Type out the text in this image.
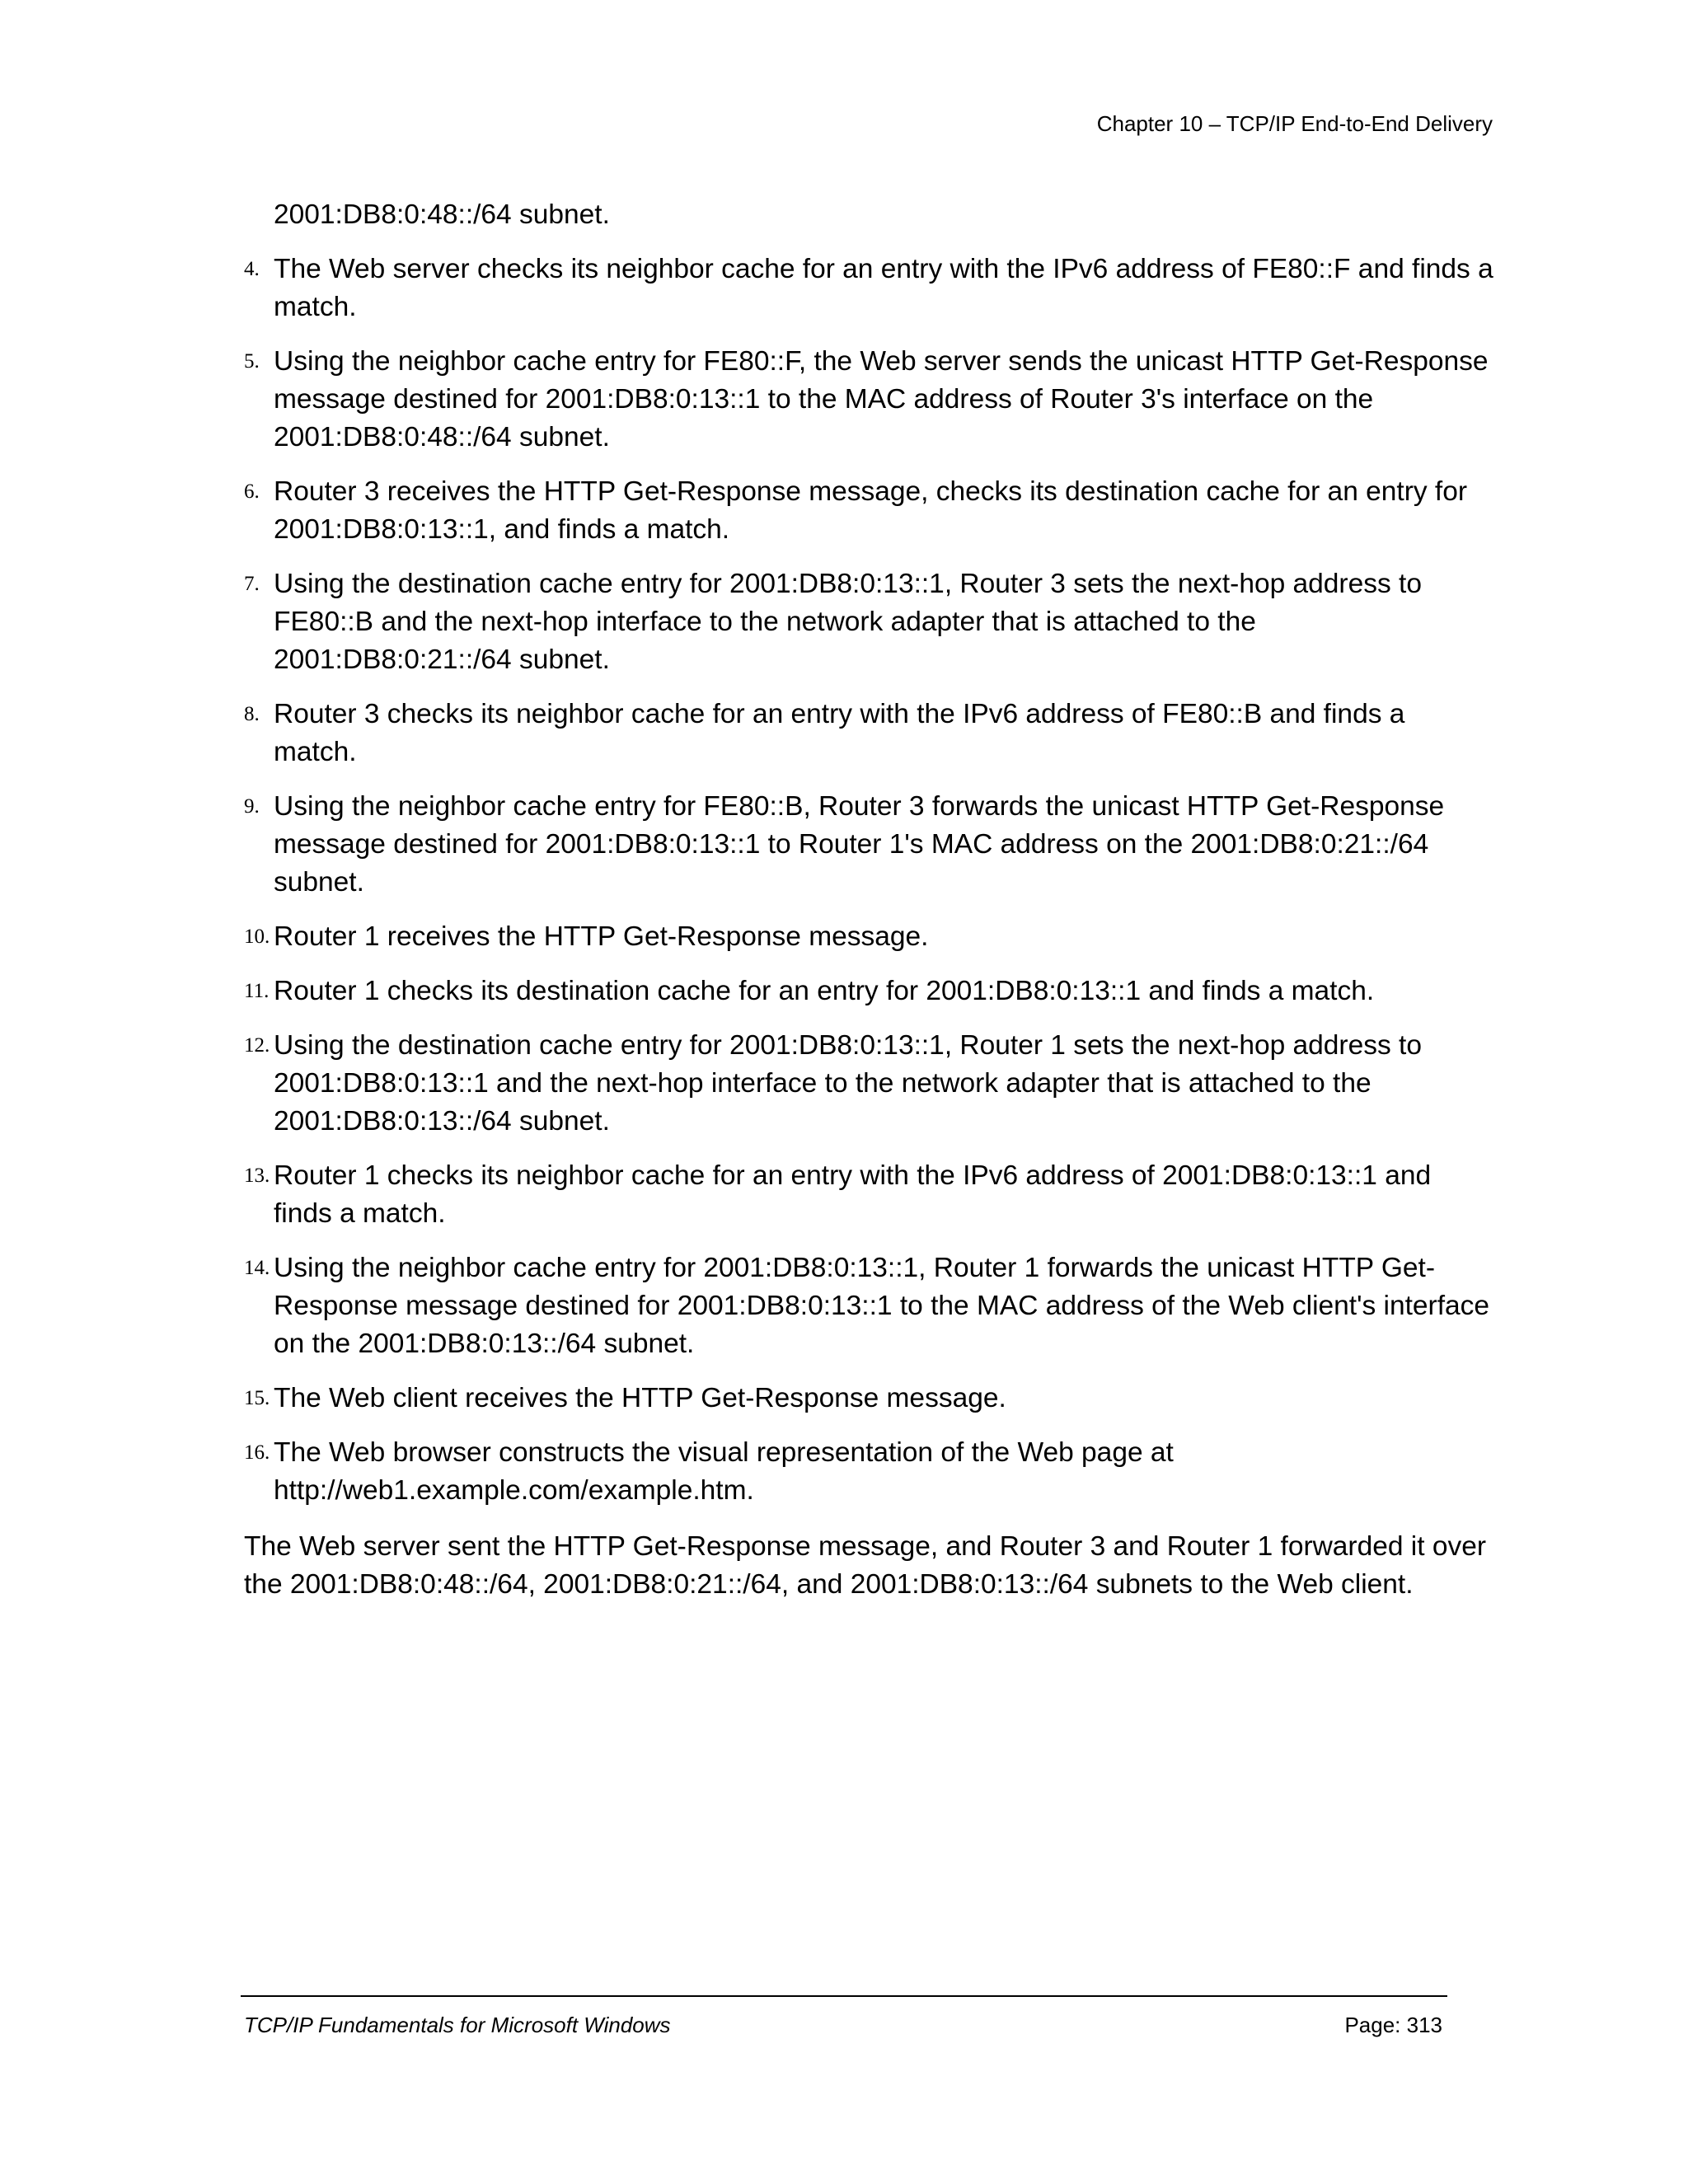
Chapter 10 – TCP/IP End-to-End Delivery

2001:DB8:0:48::/64 subnet.

4. The Web server checks its neighbor cache for an entry with the IPv6 address of FE80::F and finds a match.
5. Using the neighbor cache entry for FE80::F, the Web server sends the unicast HTTP Get-Response message destined for 2001:DB8:0:13::1 to the MAC address of Router 3's interface on the 2001:DB8:0:48::/64 subnet.
6. Router 3 receives the HTTP Get-Response message, checks its destination cache for an entry for 2001:DB8:0:13::1, and finds a match.
7. Using the destination cache entry for 2001:DB8:0:13::1, Router 3 sets the next-hop address to FE80::B and the next-hop interface to the network adapter that is attached to the 2001:DB8:0:21::/64 subnet.
8. Router 3 checks its neighbor cache for an entry with the IPv6 address of FE80::B and finds a match.
9. Using the neighbor cache entry for FE80::B, Router 3 forwards the unicast HTTP Get-Response message destined for 2001:DB8:0:13::1 to Router 1's MAC address on the 2001:DB8:0:21::/64 subnet.
10. Router 1 receives the HTTP Get-Response message.
11. Router 1 checks its destination cache for an entry for 2001:DB8:0:13::1 and finds a match.
12. Using the destination cache entry for 2001:DB8:0:13::1, Router 1 sets the next-hop address to 2001:DB8:0:13::1 and the next-hop interface to the network adapter that is attached to the 2001:DB8:0:13::/64 subnet.
13. Router 1 checks its neighbor cache for an entry with the IPv6 address of 2001:DB8:0:13::1 and finds a match.
14. Using the neighbor cache entry for 2001:DB8:0:13::1, Router 1 forwards the unicast HTTP Get-Response message destined for 2001:DB8:0:13::1 to the MAC address of the Web client's interface on the 2001:DB8:0:13::/64 subnet.
15. The Web client receives the HTTP Get-Response message.
16. The Web browser constructs the visual representation of the Web page at http://web1.example.com/example.htm.

The Web server sent the HTTP Get-Response message, and Router 3 and Router 1 forwarded it over the 2001:DB8:0:48::/64, 2001:DB8:0:21::/64, and 2001:DB8:0:13::/64 subnets to the Web client.

TCP/IP Fundamentals for Microsoft Windows	Page: 313
